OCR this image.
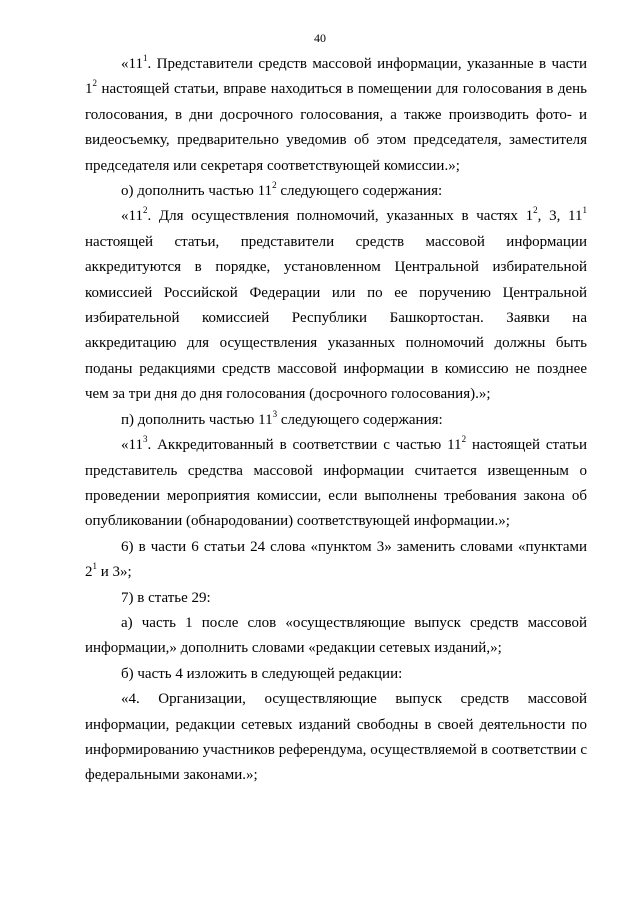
40

«$11^1$. Представители средств массовой информации, указанные в части $1^2$ настоящей статьи, вправе находиться в помещении для голосования в день голосования, в дни досрочного голосования, а также производить фото- и видеосъемку, предварительно уведомив об этом председателя, заместителя председателя или секретаря соответствующей комиссии.»;

о) дополнить частью $11^2$ следующего содержания:

«$11^2$. Для осуществления полномочий, указанных в частях $1^2$, 3, $11^1$ настоящей статьи, представители средств массовой информации аккредитуются в порядке, установленном Центральной избирательной комиссией Российской Федерации или по ее поручению Центральной избирательной комиссией Республики Башкортостан. Заявки на аккредитацию для осуществления указанных полномочий должны быть поданы редакциями средств массовой информации в комиссию не позднее чем за три дня до дня голосования (досрочного голосования).»;

п) дополнить частью $11^3$ следующего содержания:

«$11^3$. Аккредитованный в соответствии с частью $11^2$ настоящей статьи представитель средства массовой информации считается извещенным о проведении мероприятия комиссии, если выполнены требования закона об опубликовании (обнародовании) соответствующей информации.»;

6) в части 6 статьи 24 слова «пунктом 3» заменить словами «пунктами $2^1$ и 3»;

7) в статье 29:

а) часть 1 после слов «осуществляющие выпуск средств массовой информации,» дополнить словами «редакции сетевых изданий,»;

б) часть 4 изложить в следующей редакции:

«4. Организации, осуществляющие выпуск средств массовой информации, редакции сетевых изданий свободны в своей деятельности по информированию участников референдума, осуществляемой в соответствии с федеральными законами.»;
